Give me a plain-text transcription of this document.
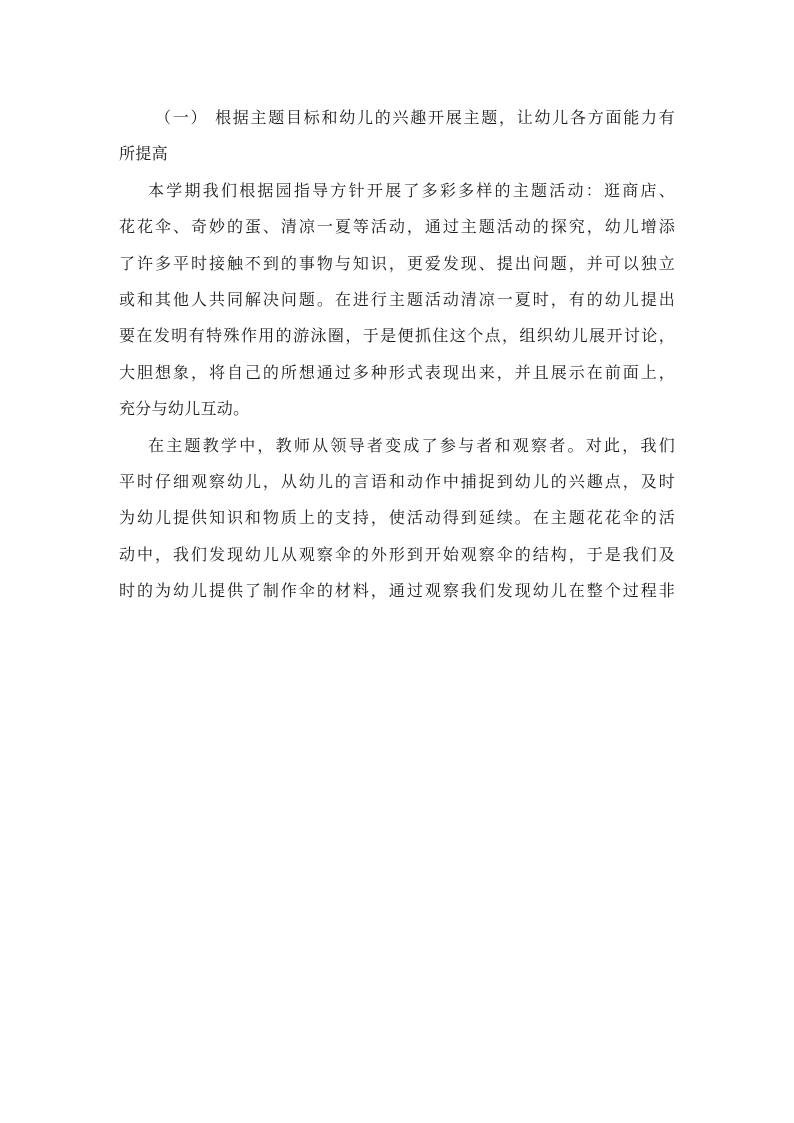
（一） 根据主题目标和幼儿的兴趣开展主题，让幼儿各方面能力有
所提高
本学期我们根据园指导方针开展了多彩多样的主题活动：逛商店、
花花伞、奇妙的蛋、清凉一夏等活动，通过主题活动的探究，幼儿增添
了许多平时接触不到的事物与知识，更爱发现、提出问题，并可以独立
或和其他人共同解决问题。在进行主题活动清凉一夏时，有的幼儿提出
要在发明有特殊作用的游泳圈，于是便抓住这个点，组织幼儿展开讨论，
大胆想象，将自己的所想通过多种形式表现出来，并且展示在前面上，
充分与幼儿互动。
在主题教学中，教师从领导者变成了参与者和观察者。对此，我们
平时仔细观察幼儿，从幼儿的言语和动作中捕捉到幼儿的兴趣点，及时
为幼儿提供知识和物质上的支持，使活动得到延续。在主题花花伞的活
动中，我们发现幼儿从观察伞的外形到开始观察伞的结构，于是我们及
时的为幼儿提供了制作伞的材料，通过观察我们发现幼儿在整个过程非
